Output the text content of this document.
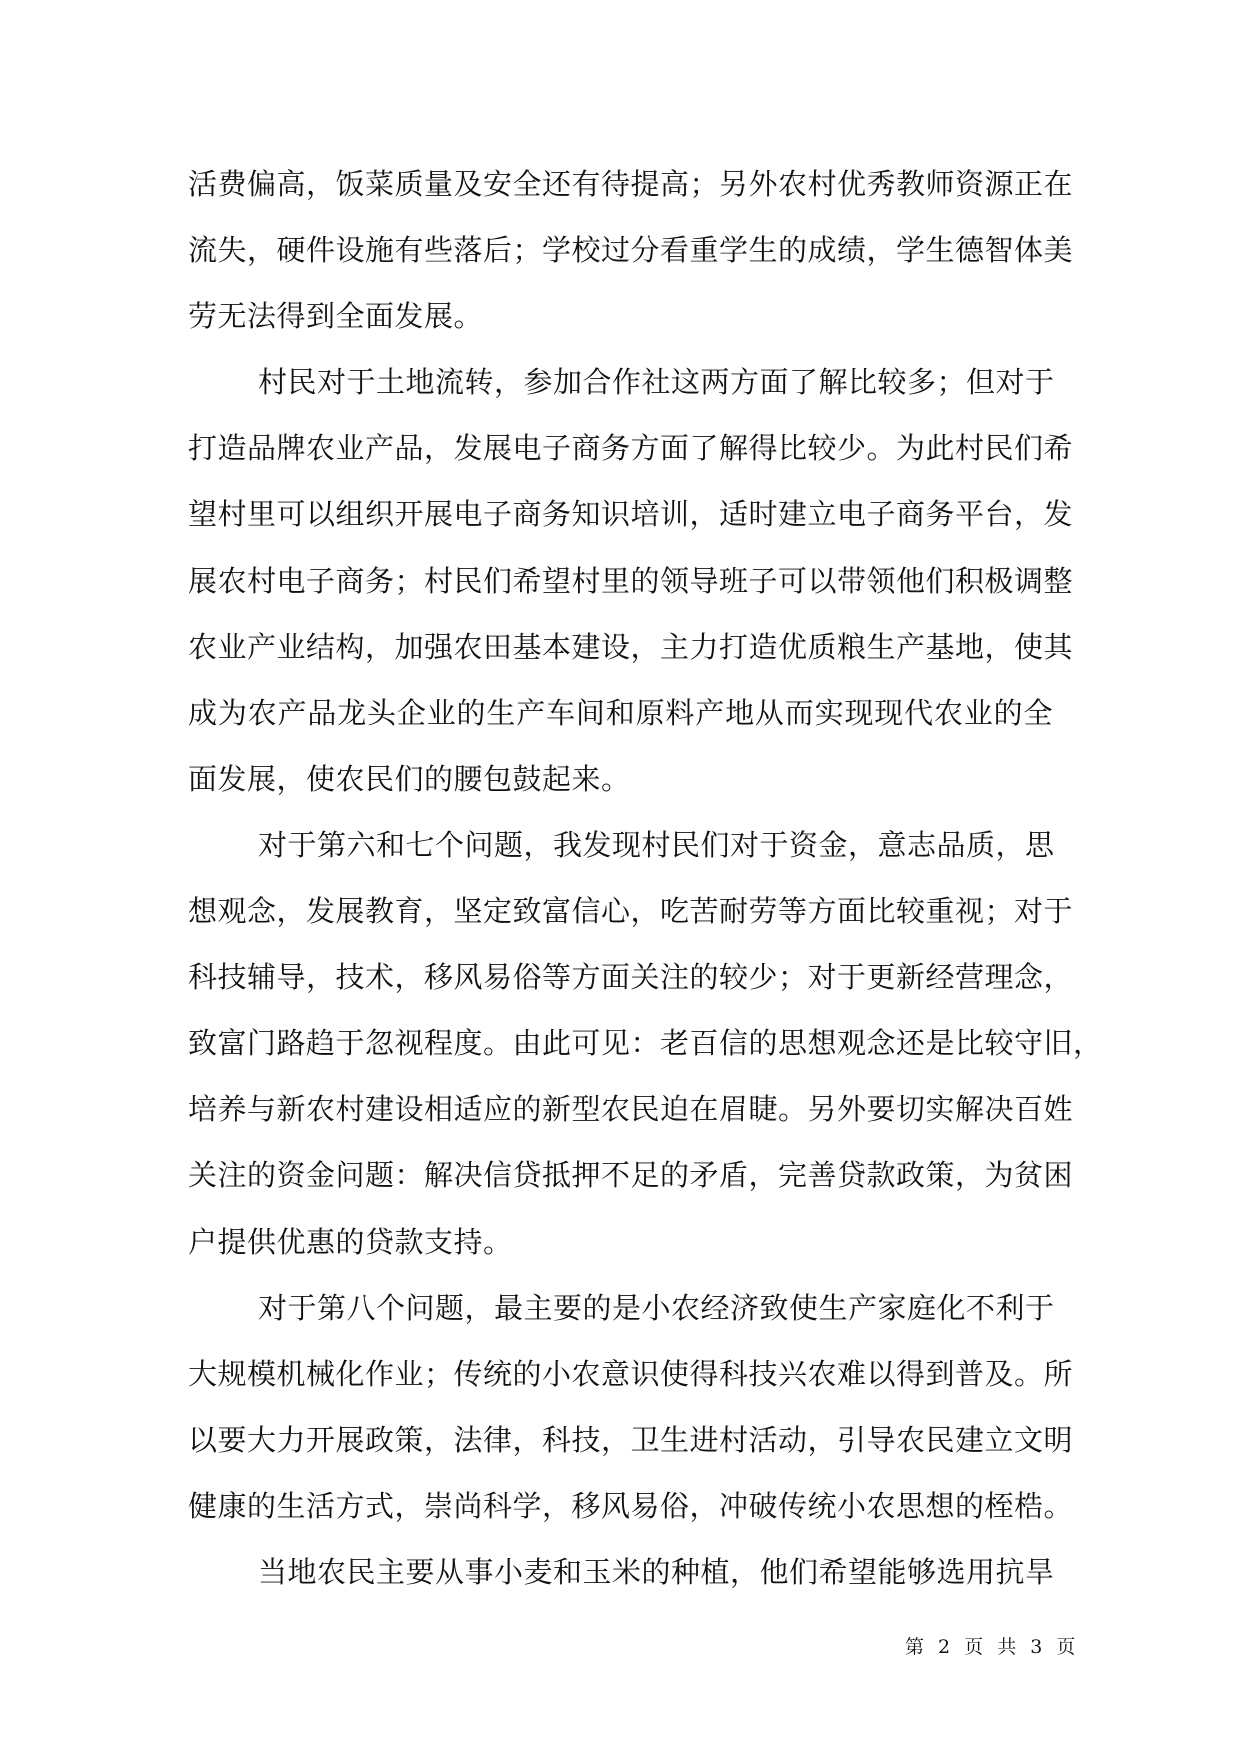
活费偏高，饭菜质量及安全还有待提高；另外农村优秀教师资源正在
流失，硬件设施有些落后；学校过分看重学生的成绩，学生德智体美
劳无法得到全面发展。
村民对于土地流转，参加合作社这两方面了解比较多；但对于
打造品牌农业产品，发展电子商务方面了解得比较少。为此村民们希
望村里可以组织开展电子商务知识培训，适时建立电子商务平台，发
展农村电子商务；村民们希望村里的领导班子可以带领他们积极调整
农业产业结构，加强农田基本建设，主力打造优质粮生产基地，使其
成为农产品龙头企业的生产车间和原料产地从而实现现代农业的全
面发展，使农民们的腰包鼓起来。
对于第六和七个问题，我发现村民们对于资金，意志品质，思
想观念，发展教育，坚定致富信心，吃苦耐劳等方面比较重视；对于
科技辅导，技术，移风易俗等方面关注的较少；对于更新经营理念，
致富门路趋于忽视程度。由此可见：老百信的思想观念还是比较守旧，
培养与新农村建设相适应的新型农民迫在眉睫。另外要切实解决百姓
关注的资金问题：解决信贷抵押不足的矛盾，完善贷款政策，为贫困
户提供优惠的贷款支持。
对于第八个问题，最主要的是小农经济致使生产家庭化不利于
大规模机械化作业；传统的小农意识使得科技兴农难以得到普及。所
以要大力开展政策，法律，科技，卫生进村活动，引导农民建立文明
健康的生活方式，崇尚科学，移风易俗，冲破传统小农思想的桎梏。
当地农民主要从事小麦和玉米的种植，他们希望能够选用抗旱
第 2 页 共 3 页
